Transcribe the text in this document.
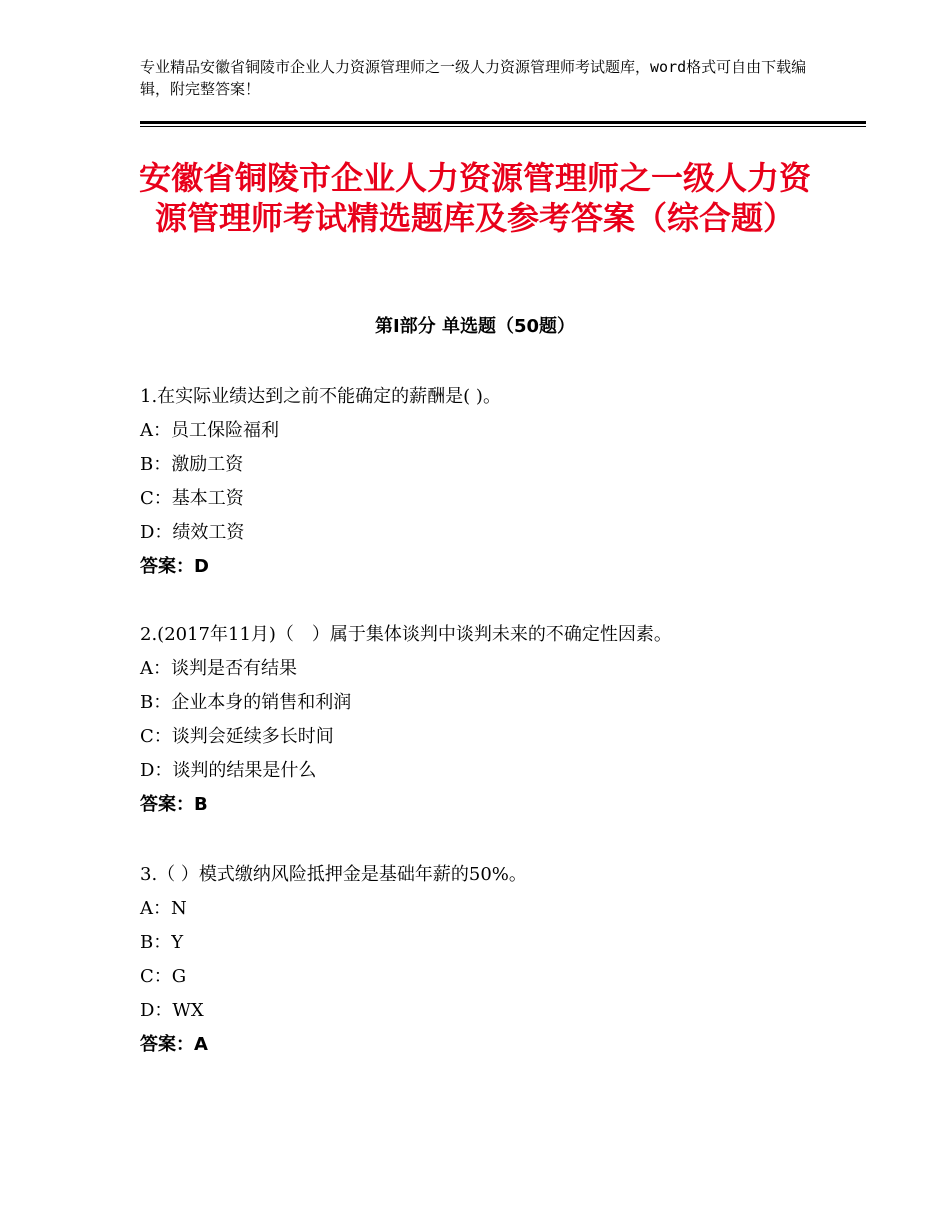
专业精品安徽省铜陵市企业人力资源管理师之一级人力资源管理师考试题库，word格式可自由下载编辑，附完整答案！
安徽省铜陵市企业人力资源管理师之一级人力资源管理师考试精选题库及参考答案（综合题）
第Ⅰ部分 单选题（50题）
1.在实际业绩达到之前不能确定的薪酬是( )。
A：员工保险福利
B：激励工资
C：基本工资
D：绩效工资
答案：D
2.(2017年11月)（　）属于集体谈判中谈判未来的不确定性因素。
A：谈判是否有结果
B：企业本身的销售和利润
C：谈判会延续多长时间
D：谈判的结果是什么
答案：B
3.（ ）模式缴纳风险抵押金是基础年薪的50%。
A：N
B：Y
C：G
D：WX
答案：A
